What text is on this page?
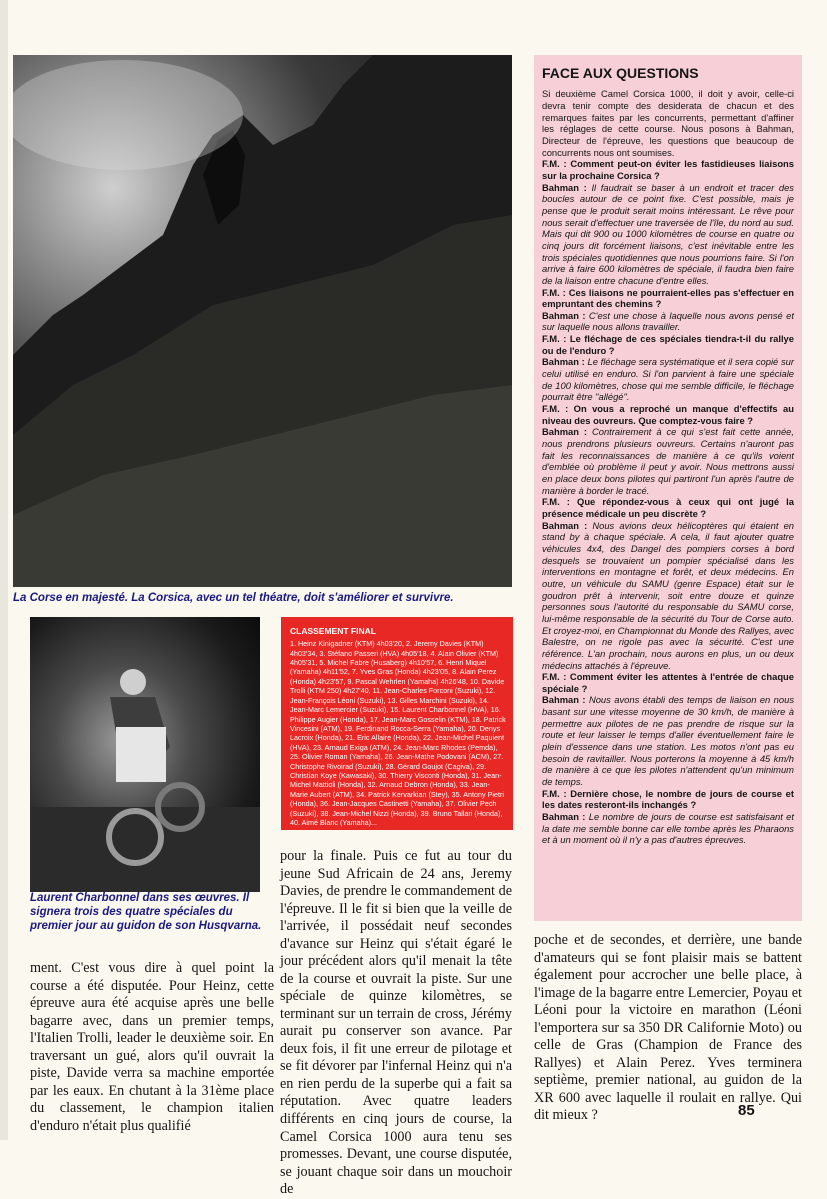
La Corse en majesté. La Corsica, avec un tel théatre, doit s'améliorer et survivre.
Laurent Charbonnel dans ses œuvres. Il signera trois des quatre spéciales du premier jour au guidon de son Husqvarna.
CLASSEMENT FINAL
1. Heinz Kinigadner (KTM) 4h03'20, 2. Jeremy Davies (KTM) 4h03'34, 3. Stéfano Passeri (HVA) 4h05'18, 4. Alain Olivier (KTM) 4h05'31, 5. Michel Fabre (Husaberg) 4h10'57, 6. Henri Miquel (Yamaha) 4h11'52, 7. Yves Gras (Honda) 4h23'05, 8. Alain Perez (Honda) 4h23'57, 9. Pascal Wehrlen (Yamaha) 4h26'48, 10. Davide Trolli (KTM 250) 4h27'40, 11. Jean-Charles Forconi (Suzuki), 12. Jean-François Léoni (Suzuki), 13. Gilles Marchini (Suzuki), 14. Jean-Marc Lemercier (Suzuki), 15. Laurent Charbonnel (HVA), 16. Philippe Augier (Honda), 17. Jean-Marc Gosselin (KTM), 18. Patrick Vincesini (ATM), 19. Ferdinand Rocca-Serra (Yamaha), 20. Denys Lacroix (Honda), 21. Eric Allaire (Honda), 22. Jean-Michel Paquient (HVA), 23. Arnaud Exiga (ATM), 24. Jean-Marc Rhodes (Pemda), 25. Olivier Roman (Yamaha), 26. Jean-Mathe Podovani (ACM), 27. Christophe Rivoirad (Suzuki), 28. Gérard Goujot (Cagiva), 29. Christian Koye (Kawasaki), 30. Thierry Visconti (Honda), 31. Jean-Michel Mattioli (Honda), 32. Arnaud Debron (Honda), 33. Jean-Marie Aubert (ATM), 34. Patrick Kervarkian (Stey), 35. Antony Pietri (Honda), 36. Jean-Jacques Castinetti (Yamaha), 37. Olivier Pech (Suzuki), 38. Jean-Michel Nizzi (Honda), 39. Bruno Tallari (Honda), 40. Aimé Blanc (Yamaha)...
FACE AUX QUESTIONS

Si deuxième Camel Corsica 1000, il doit y avoir, celle-ci devra tenir compte des desiderata de chacun et des remarques faites par les concurrents, permettant d'affiner les réglages de cette course. Nous posons à Bahman, Directeur de l'épreuve, les questions que beaucoup de concurrents nous ont soumises.

F.M. : Comment peut-on éviter les fastidieuses liaisons sur la prochaine Corsica ?
Bahman : Il faudrait se baser à un endroit et tracer des boucles autour de ce point fixe. C'est possible, mais je pense que le produit serait moins intéressant. Le rêve pour nous serait d'effectuer une traversée de l'île, du nord au sud. Mais qui dit 900 ou 1000 kilomètres de course en quatre ou cinq jours dit forcément liaisons, c'est inévitable entre les trois spéciales quotidiennes que nous pourrions faire. Si l'on arrive à faire 600 kilomètres de spéciale, il faudra bien faire de la liaison entre chacune d'entre elles.

F.M. : Ces liaisons ne pourraient-elles pas s'effectuer en empruntant des chemins ?
Bahman : C'est une chose à laquelle nous avons pensé et sur laquelle nous allons travailler.

F.M. : Le fléchage de ces spéciales tiendra-t-il du rallye ou de l'enduro ?
Bahman : Le fléchage sera systématique et il sera copié sur celui utilisé en enduro. Si l'on parvient à faire une spéciale de 100 kilomètres, chose qui me semble difficile, le fléchage pourrait être "allégé".

F.M. : On vous a reproché un manque d'effectifs au niveau des ouvreurs. Que comptez-vous faire ?
Bahman : Contrairement à ce qui s'est fait cette année, nous prendrons plusieurs ouvreurs. Certains n'auront pas fait les reconnaissances de manière à ce qu'ils voient d'emblée où problème il peut y avoir. Nous mettrons aussi en place deux bons pilotes qui partiront l'un après l'autre de manière à border le tracé.

F.M. : Que répondez-vous à ceux qui ont jugé la présence médicale un peu discrète ?
Bahman : Nous avions deux hélicoptères qui étaient en stand by à chaque spéciale. A cela, il faut ajouter quatre véhicules 4x4, des Dangel des pompiers corses à bord desquels se trouvaient un pompier spécialisé dans les interventions en montagne et forêt, et deux médecins. En outre, un véhicule du SAMU (genre Espace) était sur le goudron prêt à intervenir, soit entre douze et quinze personnes sous l'autorité du responsable du SAMU corse, lui-même responsable de la sécurité du Tour de Corse auto. Et croyez-moi, en Championnat du Monde des Rallyes, avec Balestre, on ne rigole pas avec la sécurité. C'est une référence. L'an prochain, nous aurons en plus, un ou deux médecins attachés à l'épreuve.

F.M. : Comment éviter les attentes à l'entrée de chaque spéciale ?
Bahman : Nous avons établi des temps de liaison en nous basant sur une vitesse moyenne de 30 km/h, de manière à permettre aux pilotes de ne pas prendre de risque sur la route et leur laisser le temps d'aller éventuellement faire le plein d'essence dans une station. Les motos n'ont pas eu besoin de ravitailler. Nous porterons la moyenne à 45 km/h de manière à ce que les pilotes n'attendent qu'un minimum de temps.

F.M. : Dernière chose, le nombre de jours de course et les dates resteront-ils inchangés ?
Bahman : Le nombre de jours de course est satisfaisant et la date me semble bonne car elle tombe après les Pharaons et à un moment où il n'y a pas d'autres épreuves.

pour la finale. Puis ce fut au tour du jeune Sud Africain de 24 ans, Jeremy Davies, de prendre le commandement de l'épreuve. Il le fit si bien que la veille de l'arrivée, il possédait neuf secondes d'avance sur Heinz qui s'était égaré le jour précédent alors qu'il menait la tête de la course et ouvrait la piste. Sur une spéciale de quinze kilomètres, se terminant sur un terrain de cross, Jérémy aurait pu conserver son avance. Par deux fois, il fit une erreur de pilotage et se fit dévorer par l'infernal Heinz qui n'a en rien perdu de la superbe qui a fait sa réputation. Avec quatre leaders différents en cinq jours de course, la Camel Corsica 1000 aura tenu ses promesses. Devant, une course disputée, se jouant chaque soir dans un mouchoir de
ment. C'est vous dire à quel point la course a été disputée. Pour Heinz, cette épreuve aura été acquise après une belle bagarre avec, dans un premier temps, l'Italien Trolli, leader le deuxième soir. En traversant un gué, alors qu'il ouvrait la piste, Davide verra sa machine emportée par les eaux. En chutant à la 31ème place du classement, le champion italien d'enduro n'était plus qualifié
poche et de secondes, et derrière, une bande d'amateurs qui se font plaisir mais se battent également pour accrocher une belle place, à l'image de la bagarre entre Lemercier, Poyau et Léoni pour la victoire en marathon (Léoni l'emportera sur sa 350 DR Californie Moto) ou celle de Gras (Champion de France des Rallyes) et Alain Perez. Yves terminera septième, premier national, au guidon de la XR 600 avec laquelle il roulait en rallye. Qui dit mieux ?	85
